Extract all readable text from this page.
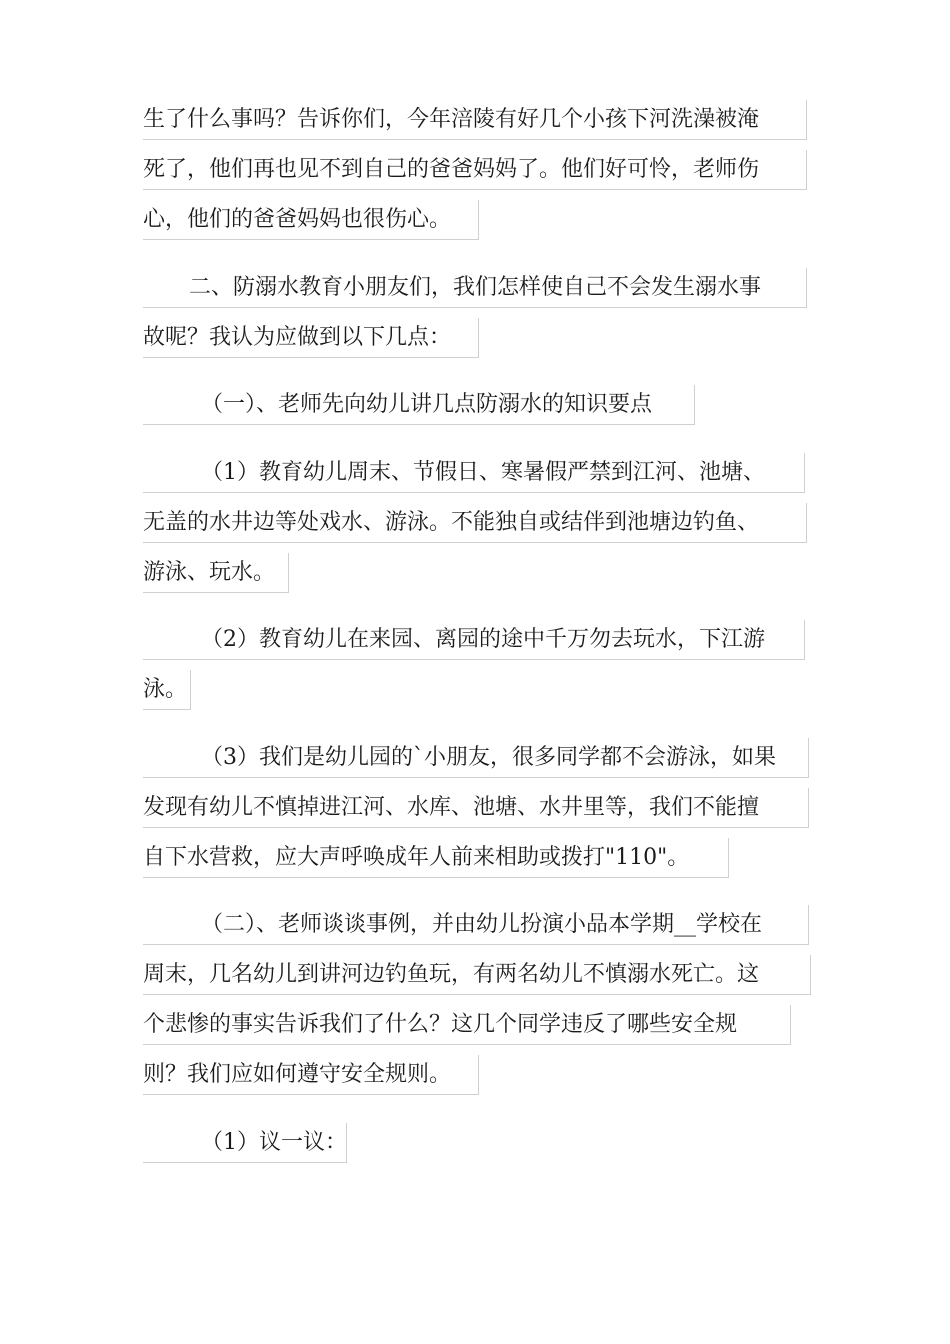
生了什么事吗？告诉你们，今年涪陵有好几个小孩下河洗澡被淹
死了，他们再也见不到自己的爸爸妈妈了。他们好可怜，老师伤
心，他们的爸爸妈妈也很伤心。
二、防溺水教育小朋友们，我们怎样使自己不会发生溺水事
故呢？我认为应做到以下几点：
（一）、老师先向幼儿讲几点防溺水的知识要点
（1）教育幼儿周末、节假日、寒暑假严禁到江河、池塘、
无盖的水井边等处戏水、游泳。不能独自或结伴到池塘边钓鱼、
游泳、玩水。
（2）教育幼儿在来园、离园的途中千万勿去玩水，下江游
泳。
（3）我们是幼儿园的`小朋友，很多同学都不会游泳，如果
发现有幼儿不慎掉进江河、水库、池塘、水井里等，我们不能擅
自下水营救，应大声呼唤成年人前来相助或拨打"110"。
（二）、老师谈谈事例，并由幼儿扮演小品本学期__学校在
周末，几名幼儿到讲河边钓鱼玩，有两名幼儿不慎溺水死亡。这
个悲惨的事实告诉我们了什么？这几个同学违反了哪些安全规
则？我们应如何遵守安全规则。
（1）议一议：
